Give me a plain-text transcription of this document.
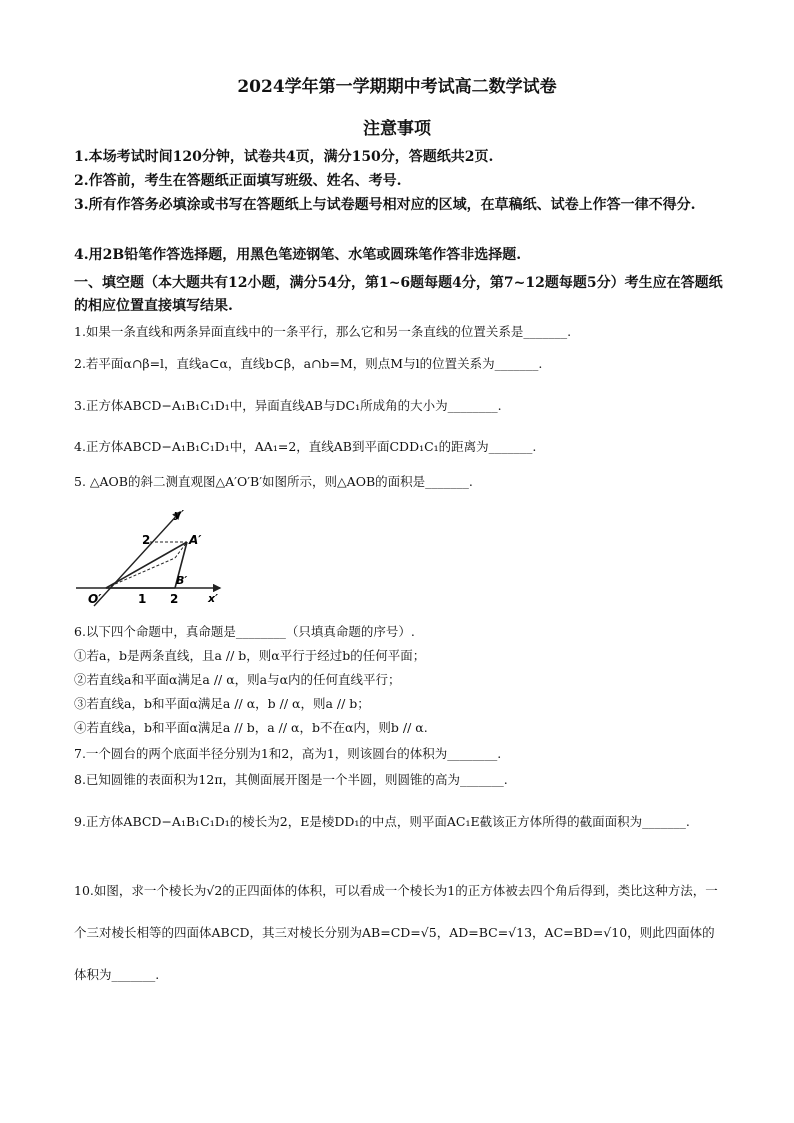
2024学年第一学期期中考试高二数学试卷
注意事项
1.本场考试时间120分钟，试卷共4页，满分150分，答题纸共2页.
2.作答前，考生在答题纸正面填写班级、姓名、考号.
3.所有作答务必填涂或书写在答题纸上与试卷题号相对应的区域，在草稿纸、试卷上作答一律不得分.
4.用2B铅笔作答选择题，用黑色笔迹钢笔、水笔或圆珠笔作答非选择题.
一、填空题（本大题共有12小题，满分54分，第1~6题每题4分，第7~12题每题5分）考生应在答题纸的相应位置直接填写结果.
1.如果一条直线和两条异面直线中的一条平行，那么它和另一条直线的位置关系是_______.
2.若平面α∩β=l，直线a⊂α，直线b⊂β，a∩b=M，则点M与l的位置关系为_______.
3.正方体ABCD−A₁B₁C₁D₁中，异面直线AB与DC₁所成角的大小为________.
4.正方体ABCD−A₁B₁C₁D₁中，AA₁=2，直线AB到平面CDD₁C₁的距离为_______.
5. △AOB的斜二测直观图△A′O′B′如图所示，则△AOB的面积是_______.
y′
x′
O′
A′
B′
1 2
2
6.以下四个命题中，真命题是________（只填真命题的序号）.
①若a，b是两条直线，且a // b，则α平行于经过b的任何平面；
②若直线a和平面α满足a // α，则a与α内的任何直线平行；
③若直线a，b和平面α满足a // α，b // α，则a // b；
④若直线a，b和平面α满足a // b，a // α，b不在α内，则b // α.
7.一个圆台的两个底面半径分别为1和2，高为1，则该圆台的体积为________.
8.已知圆锥的表面积为12π，其侧面展开图是一个半圆，则圆锥的高为_______.
9.正方体ABCD−A₁B₁C₁D₁的棱长为2，E是棱DD₁的中点，则平面AC₁E截该正方体所得的截面面积为_______.
10.如图，求一个棱长为√2的正四面体的体积，可以看成一个棱长为1的正方体被去四个角后得到，类比这种方法，一个三对棱长相等的四面体ABCD，其三对棱长分别为AB=CD=√5，AD=BC=√13，AC=BD=√10，则此四面体的体积为_______.
